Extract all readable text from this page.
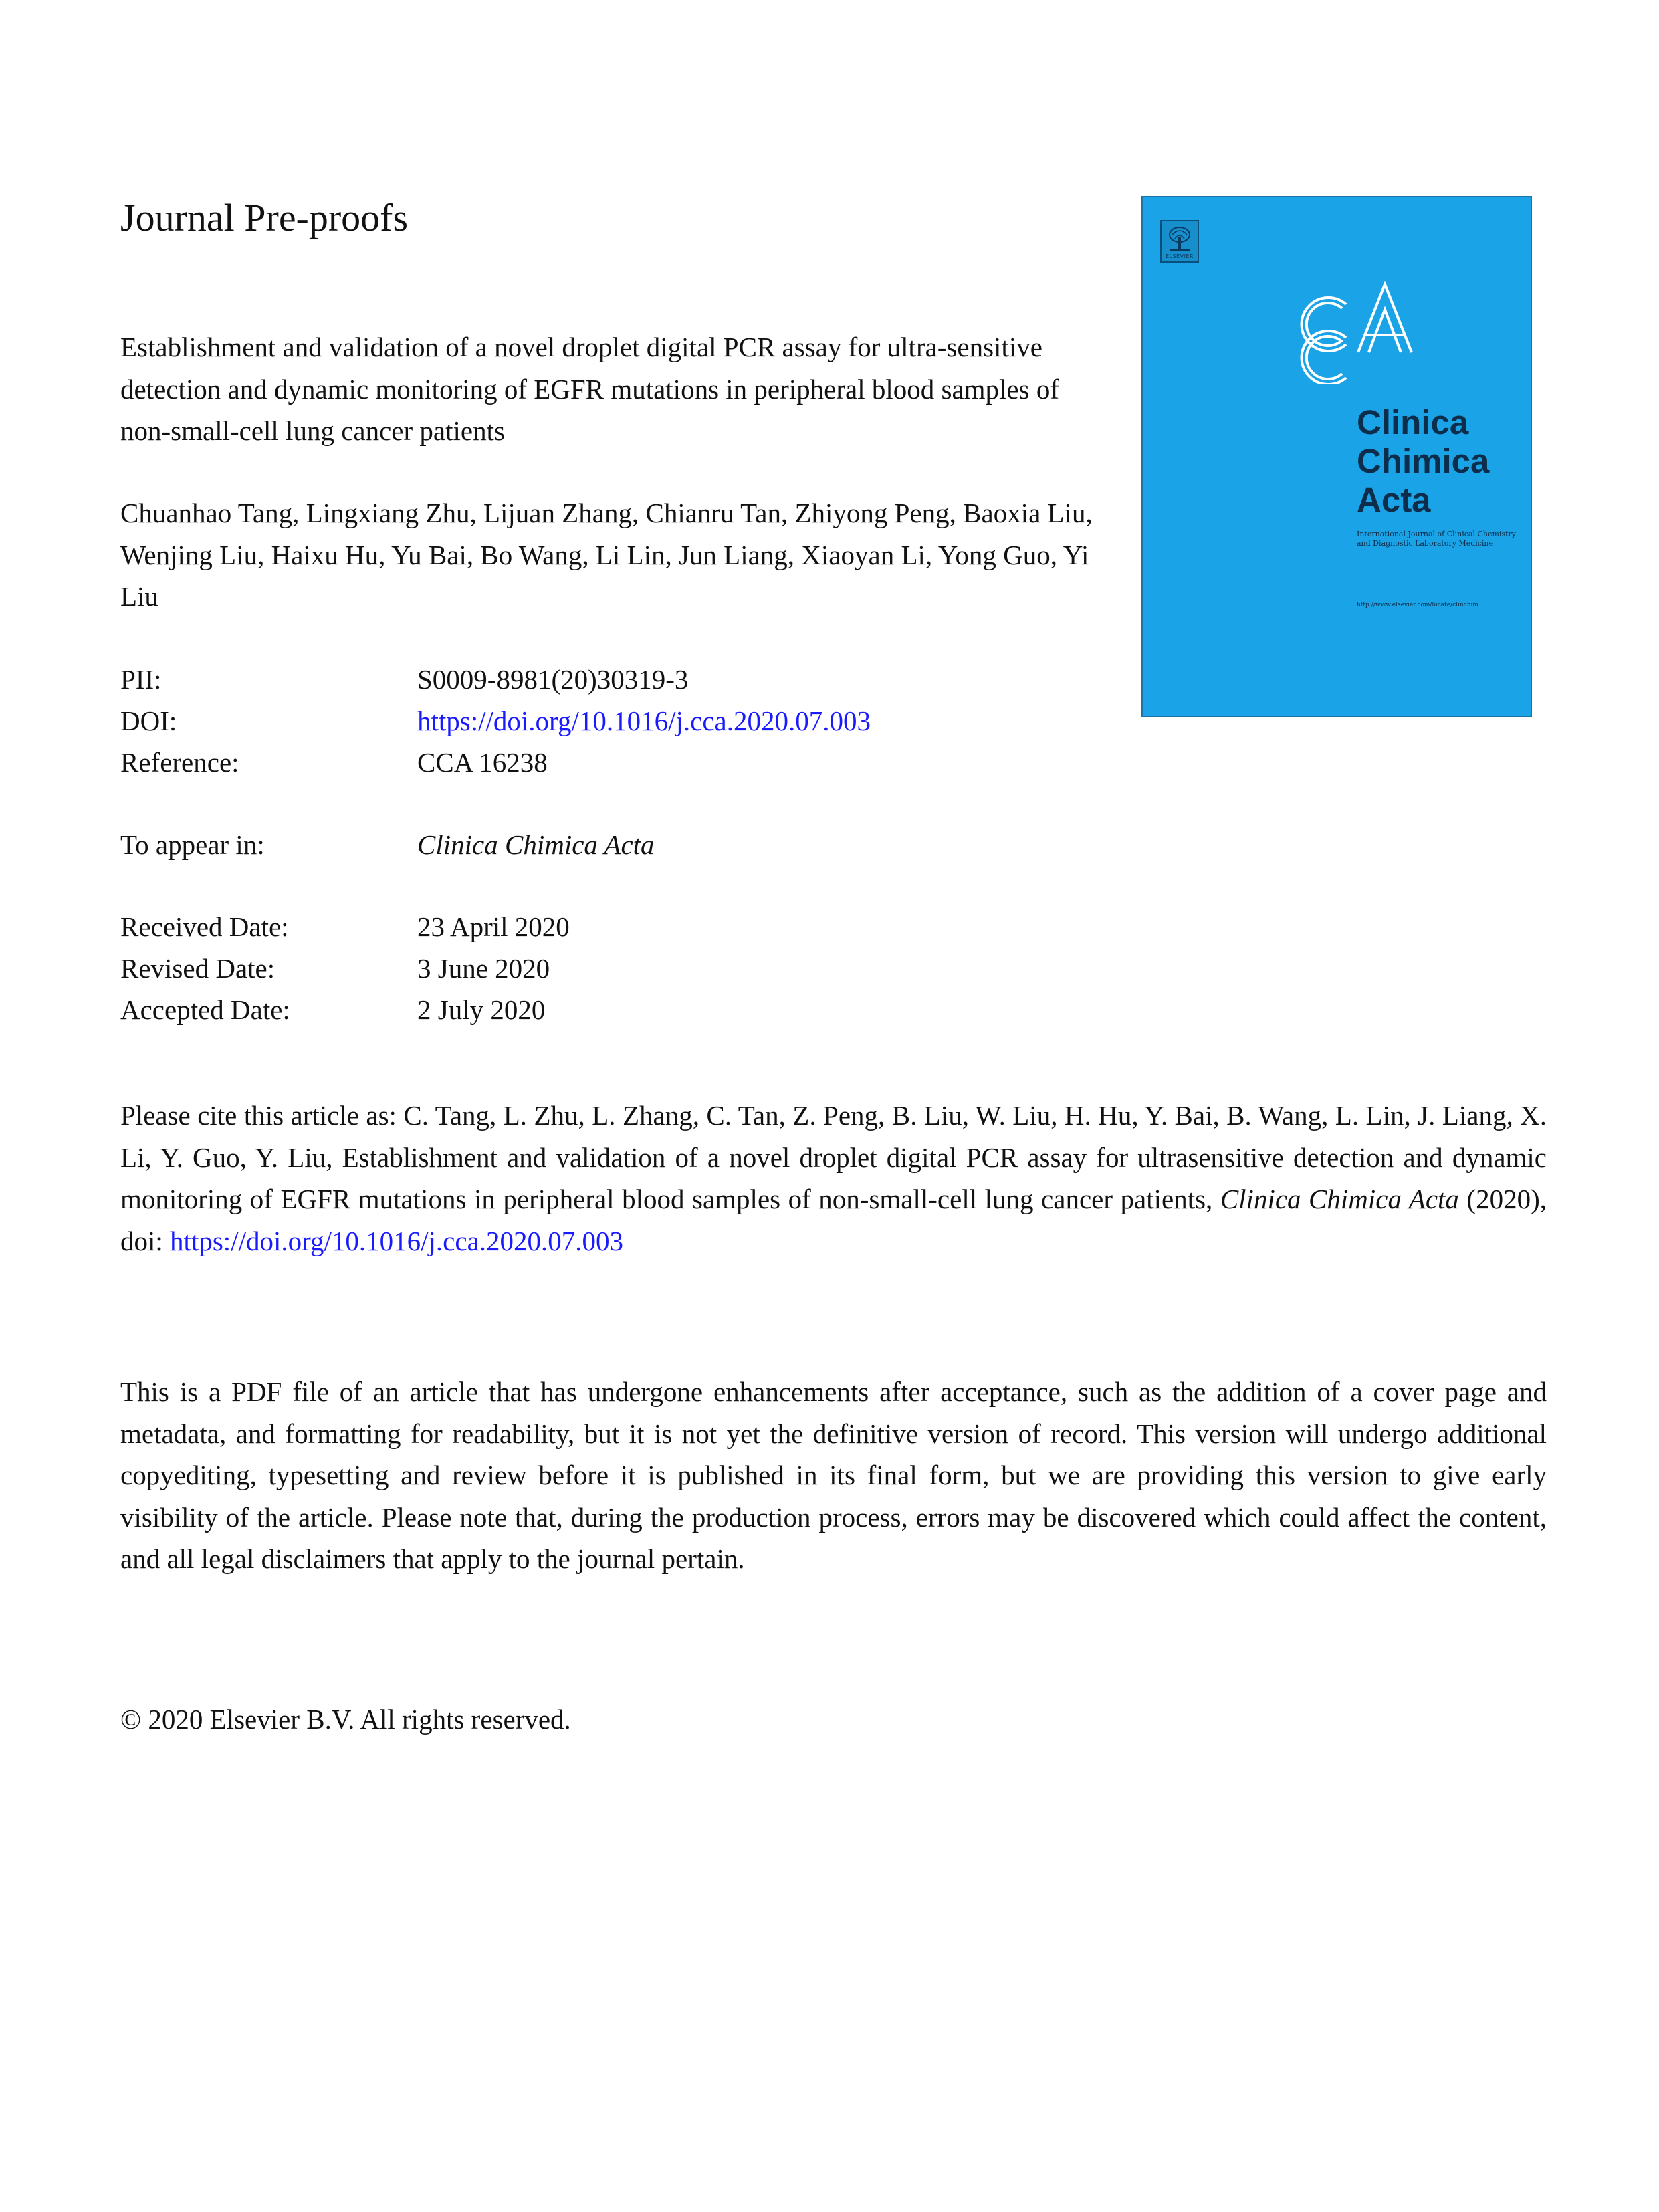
Journal Pre-proofs
Establishment and validation of a novel droplet digital PCR assay for ultra-sensitive detection and dynamic monitoring of EGFR mutations in peripheral blood samples of non-small-cell lung cancer patients
Chuanhao Tang, Lingxiang Zhu, Lijuan Zhang, Chianru Tan, Zhiyong Peng, Baoxia Liu, Wenjing Liu, Haixu Hu, Yu Bai, Bo Wang, Li Lin, Jun Liang, Xiaoyan Li, Yong Guo, Yi Liu
PII:	S0009-8981(20)30319-3
DOI:	https://doi.org/10.1016/j.cca.2020.07.003
Reference:	CCA 16238
To appear in:	Clinica Chimica Acta
Received Date:	23 April 2020
Revised Date:	3 June 2020
Accepted Date:	2 July 2020
Please cite this article as: C. Tang, L. Zhu, L. Zhang, C. Tan, Z. Peng, B. Liu, W. Liu, H. Hu, Y. Bai, B. Wang, L. Lin, J. Liang, X. Li, Y. Guo, Y. Liu, Establishment and validation of a novel droplet digital PCR assay for ultrasensitive detection and dynamic monitoring of EGFR mutations in peripheral blood samples of non-small-cell lung cancer patients, Clinica Chimica Acta (2020), doi: https://doi.org/10.1016/j.cca.2020.07.003
This is a PDF file of an article that has undergone enhancements after acceptance, such as the addition of a cover page and metadata, and formatting for readability, but it is not yet the definitive version of record. This version will undergo additional copyediting, typesetting and review before it is published in its final form, but we are providing this version to give early visibility of the article. Please note that, during the production process, errors may be discovered which could affect the content, and all legal disclaimers that apply to the journal pertain.
© 2020 Elsevier B.V. All rights reserved.
ELSEVIER
Clinica
Chimica
Acta
International Journal of Clinical Chemistry and Diagnostic Laboratory Medicine
http://www.elsevier.com/locate/clinchim
